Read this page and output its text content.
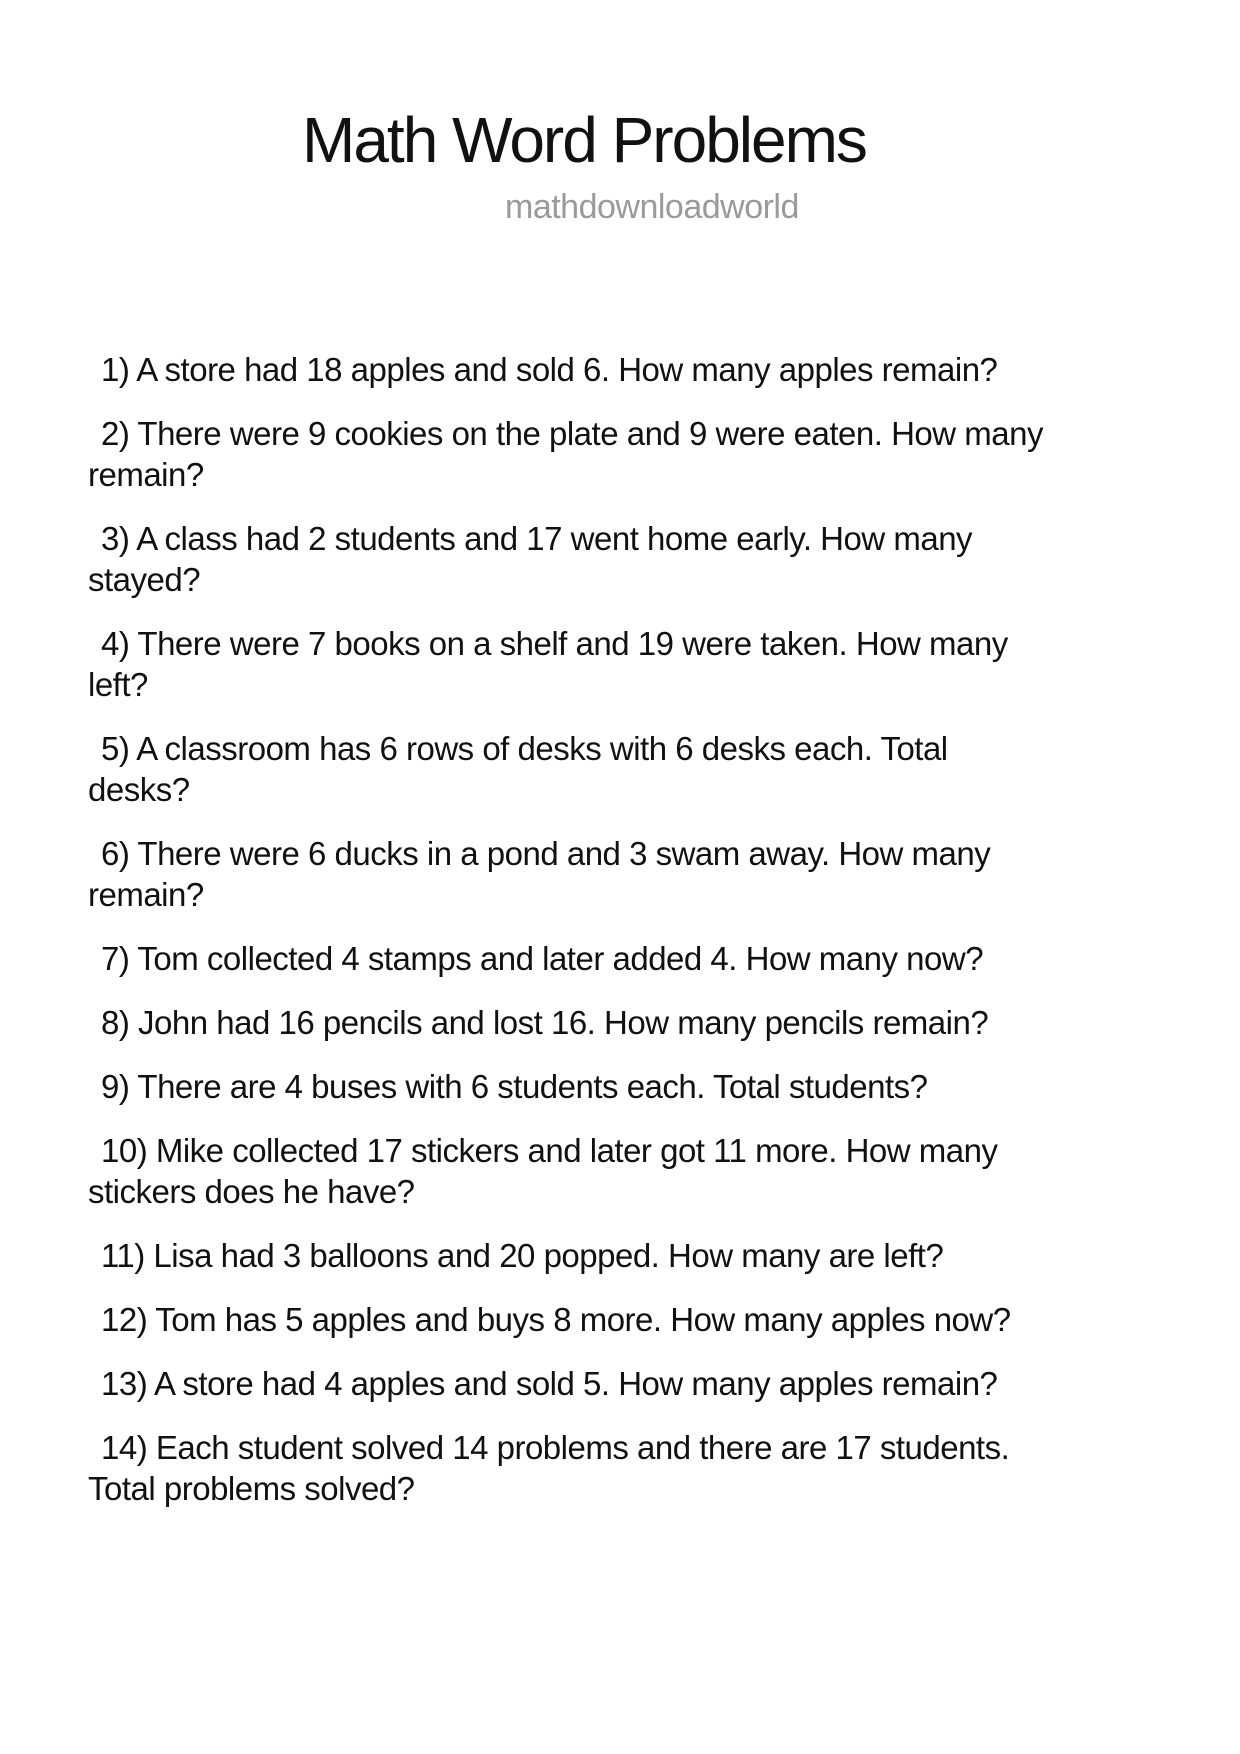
Math Word Problems
mathdownloadworld

1) A store had 18 apples and sold 6. How many apples remain?

2) There were 9 cookies on the plate and 9 were eaten. How many remain?

3) A class had 2 students and 17 went home early. How many stayed?

4) There were 7 books on a shelf and 19 were taken. How many left?

5) A classroom has 6 rows of desks with 6 desks each. Total desks?

6) There were 6 ducks in a pond and 3 swam away. How many remain?

7) Tom collected 4 stamps and later added 4. How many now?

8) John had 16 pencils and lost 16. How many pencils remain?

9) There are 4 buses with 6 students each. Total students?

10) Mike collected 17 stickers and later got 11 more. How many stickers does he have?

11) Lisa had 3 balloons and 20 popped. How many are left?

12) Tom has 5 apples and buys 8 more. How many apples now?

13) A store had 4 apples and sold 5. How many apples remain?

14) Each student solved 14 problems and there are 17 students. Total problems solved?
